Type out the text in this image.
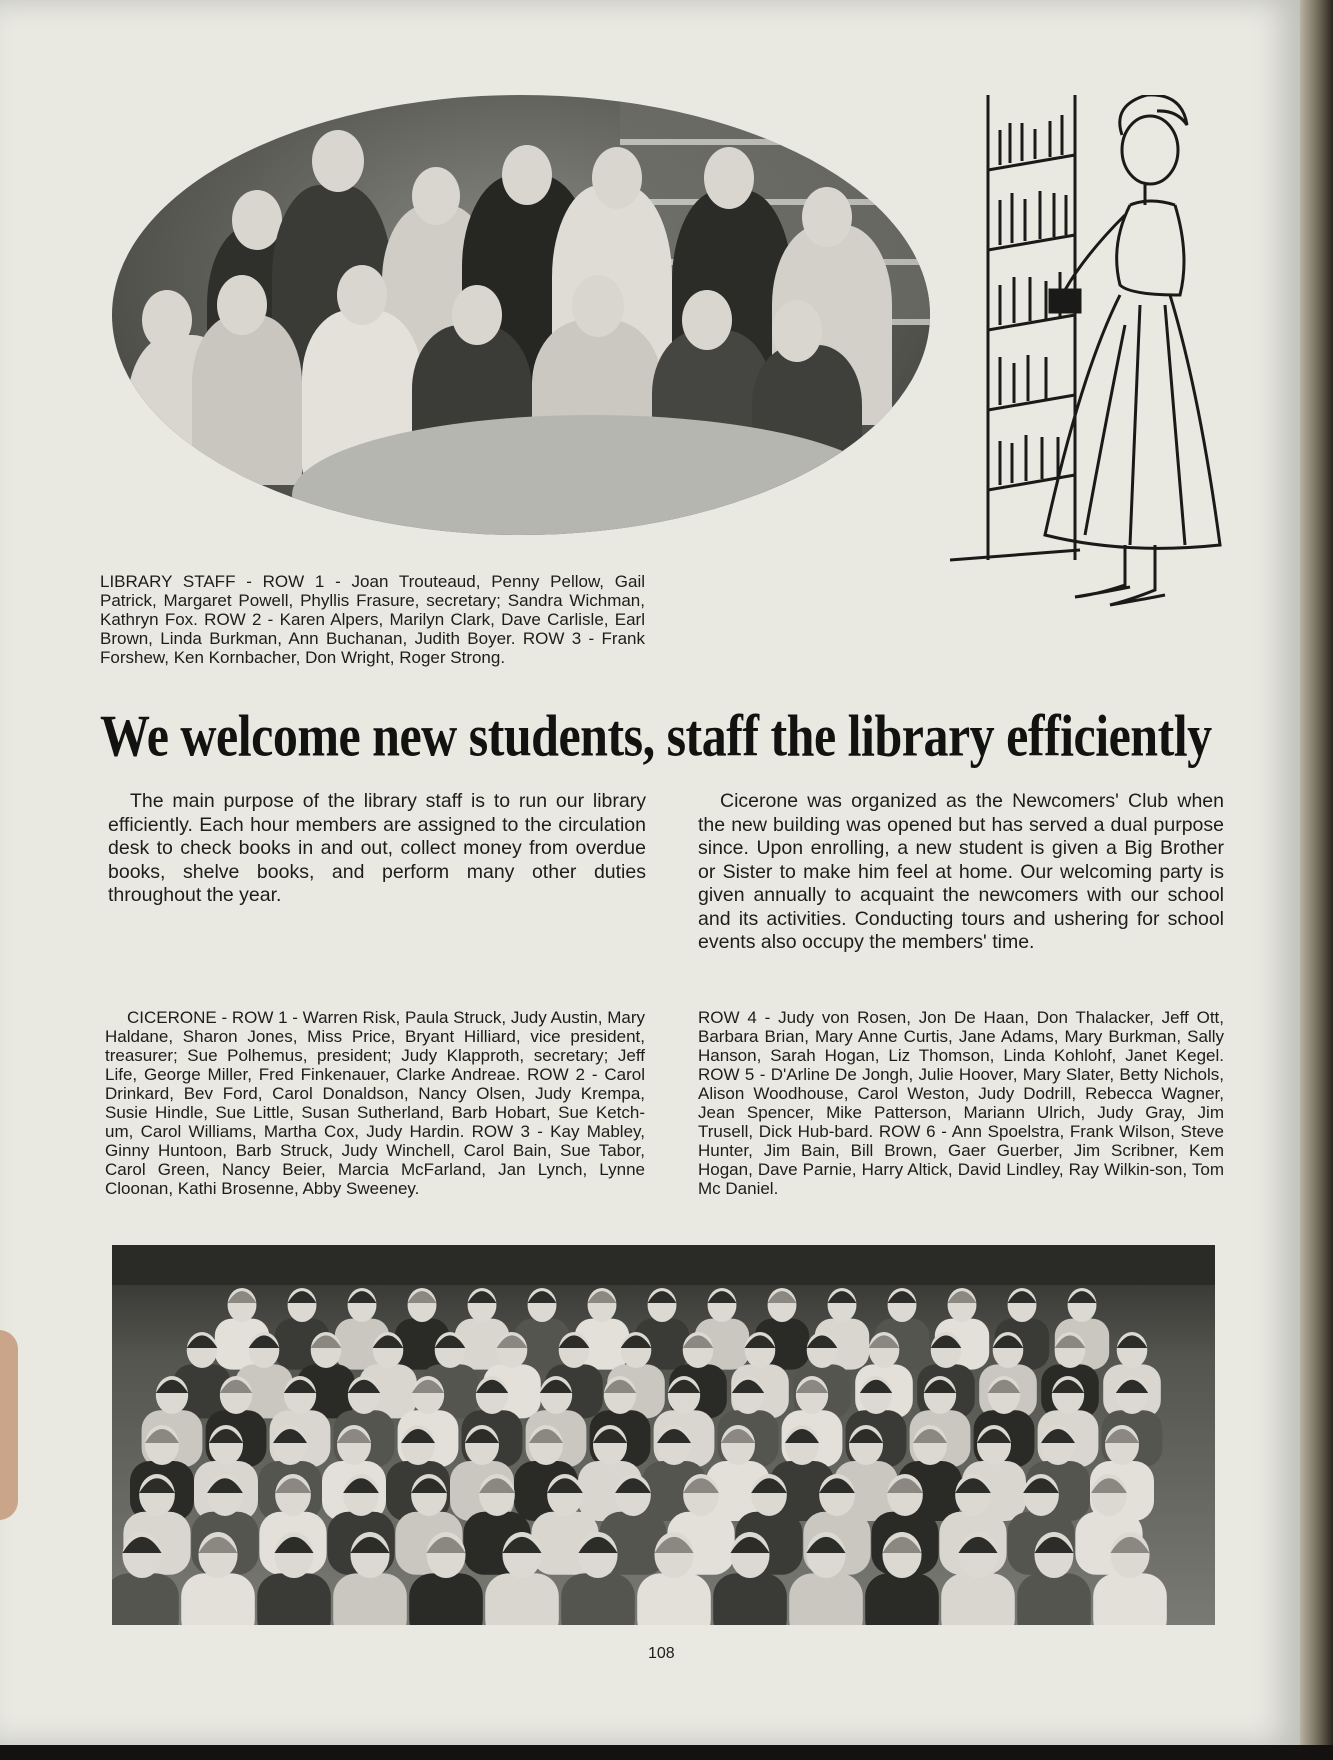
LIBRARY STAFF - ROW 1 - Joan Trouteaud, Penny Pellow, Gail Patrick, Margaret Powell, Phyllis Frasure, secretary; Sandra Wichman, Kathryn Fox. ROW 2 - Karen Alpers, Marilyn Clark, Dave Carlisle, Earl Brown, Linda Burkman, Ann Buchanan, Judith Boyer. ROW 3 - Frank Forshew, Ken Kornbacher, Don Wright, Roger Strong.
We welcome new students, staff the library efficiently
The main purpose of the library staff is to run our library efficiently. Each hour members are assigned to the circulation desk to check books in and out, collect money from overdue books, shelve books, and perform many other duties throughout the year.
Cicerone was organized as the Newcomers' Club when the new building was opened but has served a dual purpose since. Upon enrolling, a new student is given a Big Brother or Sister to make him feel at home. Our welcoming party is given annually to acquaint the newcomers with our school and its activities. Conducting tours and ushering for school events also occupy the members' time.
CICERONE - ROW 1 - Warren Risk, Paula Struck, Judy Austin, Mary Haldane, Sharon Jones, Miss Price, Bryant Hilliard, vice president, treasurer; Sue Polhemus, president; Judy Klapproth, secretary; Jeff Life, George Miller, Fred Finkenauer, Clarke Andreae. ROW 2 - Carol Drinkard, Bev Ford, Carol Donaldson, Nancy Olsen, Judy Krempa, Susie Hindle, Sue Little, Susan Sutherland, Barb Hobart, Sue Ketch-um, Carol Williams, Martha Cox, Judy Hardin. ROW 3 - Kay Mabley, Ginny Huntoon, Barb Struck, Judy Winchell, Carol Bain, Sue Tabor, Carol Green, Nancy Beier, Marcia McFarland, Jan Lynch, Lynne Cloonan, Kathi Brosenne, Abby Sweeney.
ROW 4 - Judy von Rosen, Jon De Haan, Don Thalacker, Jeff Ott, Barbara Brian, Mary Anne Curtis, Jane Adams, Mary Burkman, Sally Hanson, Sarah Hogan, Liz Thomson, Linda Kohlohf, Janet Kegel. ROW 5 - D'Arline De Jongh, Julie Hoover, Mary Slater, Betty Nichols, Alison Woodhouse, Carol Weston, Judy Dodrill, Rebecca Wagner, Jean Spencer, Mike Patterson, Mariann Ulrich, Judy Gray, Jim Trusell, Dick Hub-bard. ROW 6 - Ann Spoelstra, Frank Wilson, Steve Hunter, Jim Bain, Bill Brown, Gaer Guerber, Jim Scribner, Kem Hogan, Dave Parnie, Harry Altick, David Lindley, Ray Wilkin-son, Tom Mc Daniel.
108
